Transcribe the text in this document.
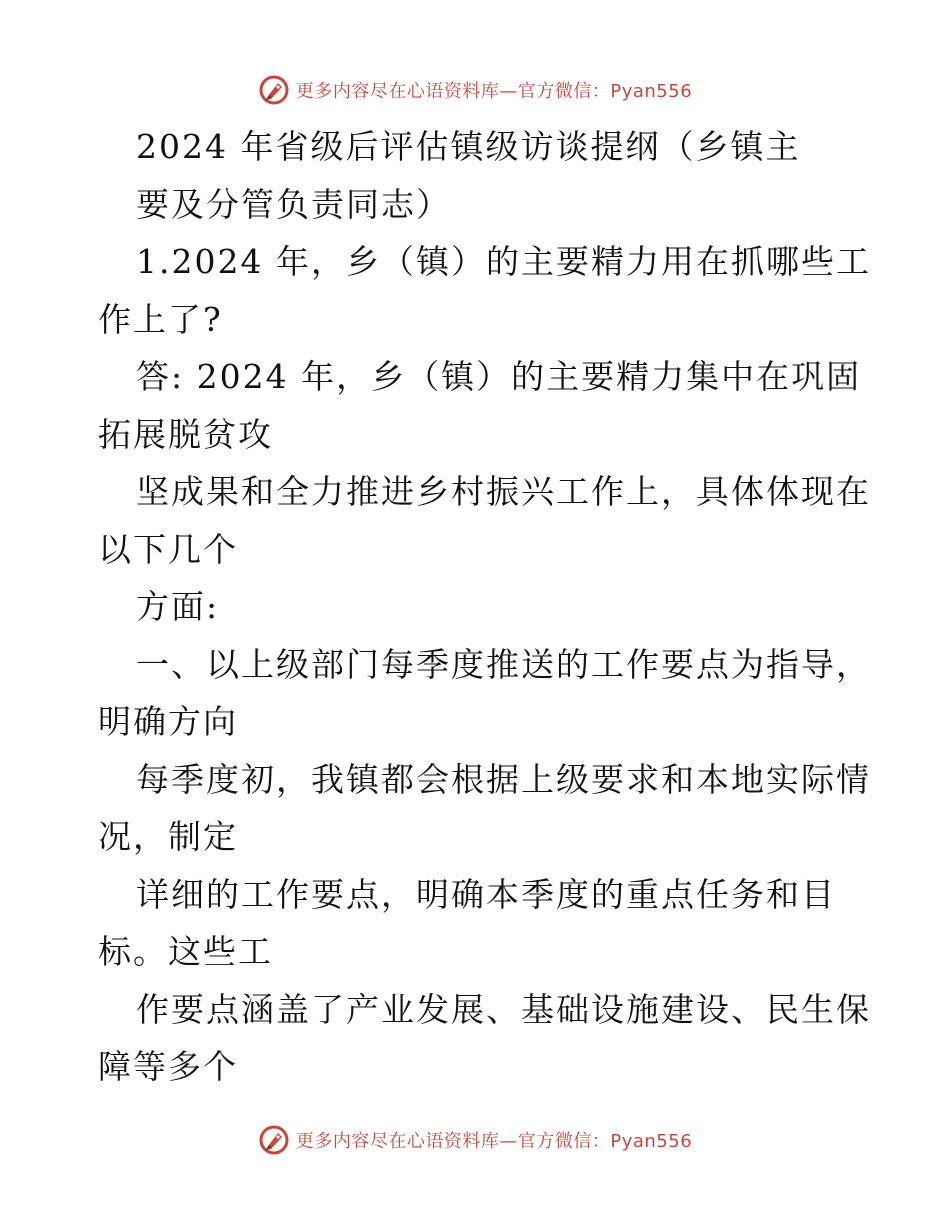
更多内容尽在心语资料库—官方微信：Pyan556
2024 年省级后评估镇级访谈提纲（乡镇主
要及分管负责同志）
1.2024 年，乡（镇）的主要精力用在抓哪些工
作上了?
答: 2024 年，乡（镇）的主要精力集中在巩固
拓展脱贫攻
坚成果和全力推进乡村振兴工作上，具体体现在
以下几个
方面:
一、以上级部门每季度推送的工作要点为指导，
明确方向
每季度初，我镇都会根据上级要求和本地实际情
况，制定
详细的工作要点，明确本季度的重点任务和目
标。这些工
作要点涵盖了产业发展、基础设施建设、民生保
障等多个
更多内容尽在心语资料库—官方微信：Pyan556
